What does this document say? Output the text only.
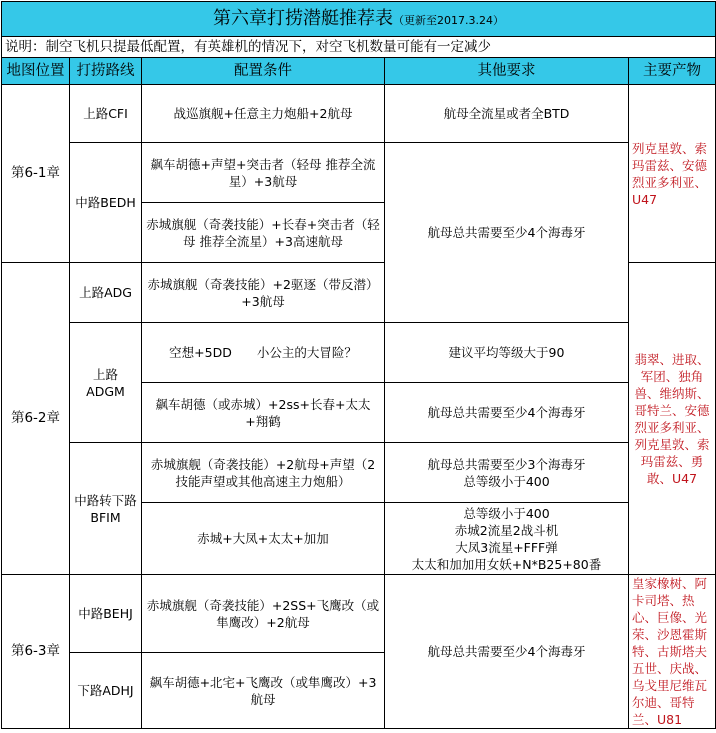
第六章打捞潜艇推荐表（更新至2017.3.24）				
说明：制空飞机只提最低配置，有英雄机的情况下，对空飞机数量可能有一定减少				
地图位置	打捞路线	配置条件	其他要求	主要产物
第6-1章	上路CFI	战巡旗舰+任意主力炮船+2航母	航母全流星或者全BTD	列克星敦、索玛雷兹、安德烈亚多利亚、U47
	中路BEDH	飙车胡德+声望+突击者（轻母 推荐全流星）+3航母	航母总共需要至少4个海毒牙	
		赤城旗舰（奇袭技能）+长春+突击者（轻母 推荐全流星）+3高速航母		
第6-2章	上路ADG	赤城旗舰（奇袭技能）+2驱逐（带反潜）+3航母		翡翠、进取、军团、独角兽、维纳斯、哥特兰、安德烈亚多利亚、列克星敦、索玛雷兹、勇敢、U47
	上路ADGM	空想+5DD　　小公主的大冒险？	建议平均等级大于90	
		飙车胡德（或赤城）+2ss+长春+太太+翔鹤	航母总共需要至少4个海毒牙	
	中路转下路BFIM	赤城旗舰（奇袭技能）+2航母+声望（2技能声望或其他高速主力炮船）	航母总共需要至少3个海毒牙
总等级小于400	

		赤城+大凤+太太+加加	总等级小于400
赤城2流星2战斗机
大凤3流星+FFF弹
太太和加加用女妖+N*B25+80番	

第6-3章	中路BEHJ	赤城旗舰（奇袭技能）+2SS+飞鹰改（或隼鹰改）+2航母	航母总共需要至少4个海毒牙	皇家橡树、阿卡司塔、热心、巨像、光荣、沙恩霍斯特、古斯塔夫五世、庆战、乌戈里尼维瓦尔迪、哥特兰、U81
	下路ADHJ	飙车胡德+北宅+飞鹰改（或隼鹰改）+3航母		
